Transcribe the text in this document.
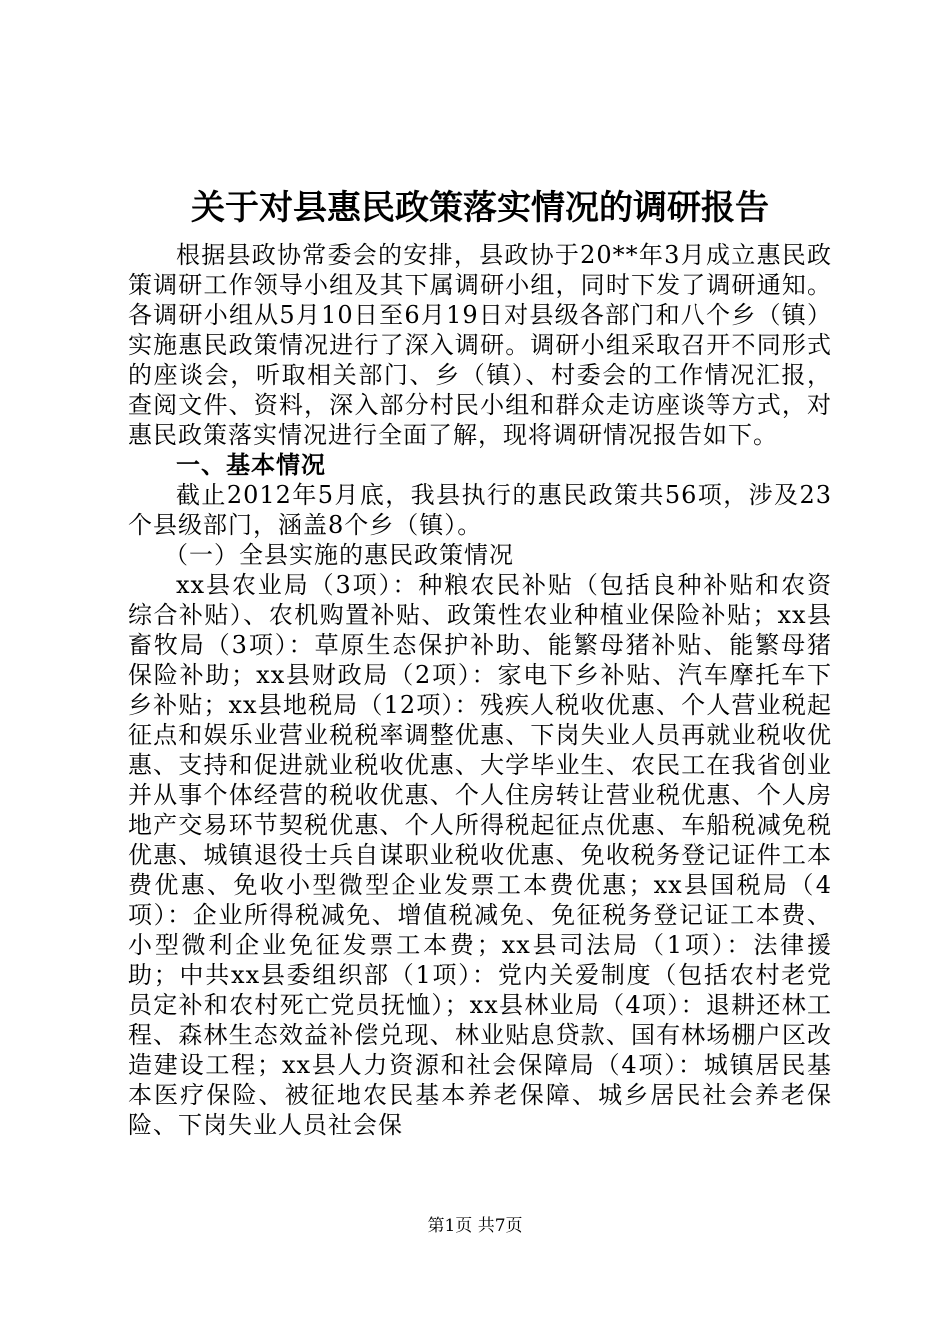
关于对县惠民政策落实情况的调研报告

根据县政协常委会的安排，县政协于20**年3月成立惠民政策调研工作领导小组及其下属调研小组，同时下发了调研通知。各调研小组从5月10日至6月19日对县级各部门和八个乡（镇）实施惠民政策情况进行了深入调研。调研小组采取召开不同形式的座谈会，听取相关部门、乡（镇）、村委会的工作情况汇报，查阅文件、资料，深入部分村民小组和群众走访座谈等方式，对惠民政策落实情况进行全面了解，现将调研情况报告如下。

一、基本情况

截止2012年5月底，我县执行的惠民政策共56项，涉及23个县级部门，涵盖8个乡（镇）。

（一）全县实施的惠民政策情况

xx县农业局（3项）：种粮农民补贴（包括良种补贴和农资综合补贴）、农机购置补贴、政策性农业种植业保险补贴；xx县畜牧局（3项）：草原生态保护补助、能繁母猪补贴、能繁母猪保险补助；xx县财政局（2项）：家电下乡补贴、汽车摩托车下乡补贴；xx县地税局（12项）：残疾人税收优惠、个人营业税起征点和娱乐业营业税税率调整优惠、下岗失业人员再就业税收优惠、支持和促进就业税收优惠、大学毕业生、农民工在我省创业并从事个体经营的税收优惠、个人住房转让营业税优惠、个人房地产交易环节契税优惠、个人所得税起征点优惠、车船税减免税优惠、城镇退役士兵自谋职业税收优惠、免收税务登记证件工本费优惠、免收小型微型企业发票工本费优惠；xx县国税局（4项）：企业所得税减免、增值税减免、免征税务登记证工本费、小型微利企业免征发票工本费；xx县司法局（1项）：法律援助；中共xx县委组织部（1项）：党内关爱制度（包括农村老党员定补和农村死亡党员抚恤）；xx县林业局（4项）：退耕还林工程、森林生态效益补偿兑现、林业贴息贷款、国有林场棚户区改造建设工程；xx县人力资源和社会保障局（4项）：城镇居民基本医疗保险、被征地农民基本养老保障、城乡居民社会养老保险、下岗失业人员社会保

第1页 共7页
